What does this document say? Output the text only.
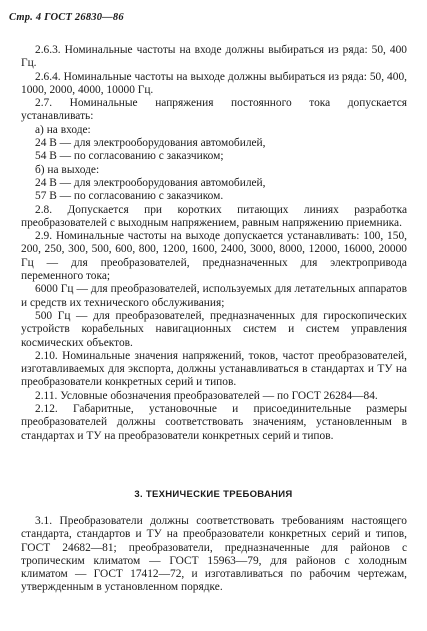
Стр. 4 ГОСТ 26830—86

2.6.3. Номинальные частоты на входе должны выбираться из ряда: 50, 400 Гц.

2.6.4. Номинальные частоты на выходе должны выбираться из ряда: 50, 400, 1000, 2000, 4000, 10000 Гц.

2.7. Номинальные напряжения постоянного тока допускается устанавливать:

а) на входе:

24 В — для электрооборудования автомобилей,

54 В — по согласованию с заказчиком;

б) на выходе:

24 В — для электрооборудования автомобилей,

57 В — по согласованию с заказчиком.

2.8. Допускается при коротких питающих линиях разработка преобразователей с выходным напряжением, равным напряжению приемника.

2.9. Номинальные частоты на выходе допускается устанавливать: 100, 150, 200, 250, 300, 500, 600, 800, 1200, 1600, 2400, 3000, 8000, 12000, 16000, 20000 Гц — для преобразователей, предназначенных для электропривода переменного тока;

6000 Гц — для преобразователей, используемых для летательных аппаратов и средств их технического обслуживания;

500 Гц — для преобразователей, предназначенных для гироскопических устройств корабельных навигационных систем и систем управления космических объектов.

2.10. Номинальные значения напряжений, токов, частот преобразователей, изготавливаемых для экспорта, должны устанавливаться в стандартах и ТУ на преобразователи конкретных серий и типов.

2.11. Условные обозначения преобразователей — по ГОСТ 26284—84.

2.12. Габаритные, установочные и присоединительные размеры преобразователей должны соответствовать значениям, установленным в стандартах и ТУ на преобразователи конкретных серий и типов.

3. ТЕХНИЧЕСКИЕ ТРЕБОВАНИЯ

3.1. Преобразователи должны соответствовать требованиям настоящего стандарта, стандартов и ТУ на преобразователи конкретных серий и типов, ГОСТ 24682—81; преобразователи, предназначенные для районов с тропическим климатом — ГОСТ 15963—79, для районов с холодным климатом — ГОСТ 17412—72, и изготавливаться по рабочим чертежам, утвержденным в установленном порядке.
